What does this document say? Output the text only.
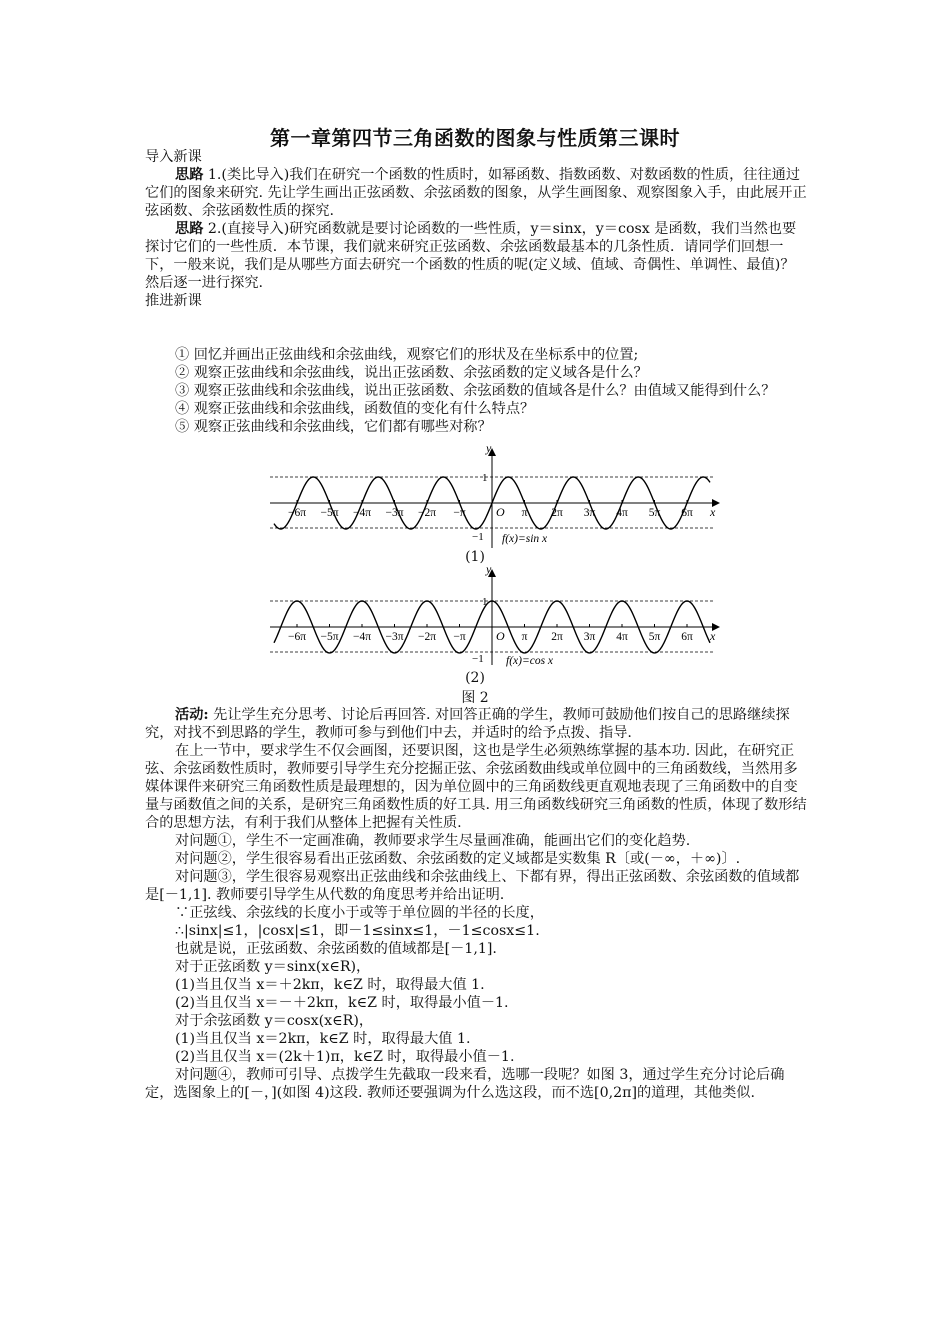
第一章第四节三角函数的图象与性质第三课时
导入新课
思路 1.(类比导入)我们在研究一个函数的性质时，如幂函数、指数函数、对数函数的性质，往往通过它们的图象来研究. 先让学生画出正弦函数、余弦函数的图象，从学生画图象、观察图象入手，由此展开正弦函数、余弦函数性质的探究.
思路 2.(直接导入)研究函数就是要讨论函数的一些性质，y＝sinx，y＝cosx 是函数，我们当然也要探讨它们的一些性质．本节课，我们就来研究正弦函数、余弦函数最基本的几条性质．请同学们回想一下，一般来说，我们是从哪些方面去研究一个函数的性质的呢(定义域、值域、奇偶性、单调性、最值)？然后逐一进行探究.
推进新课
① 回忆并画出正弦曲线和余弦曲线，观察它们的形状及在坐标系中的位置;
② 观察正弦曲线和余弦曲线，说出正弦函数、余弦函数的定义域各是什么？
③ 观察正弦曲线和余弦曲线，说出正弦函数、余弦函数的值域各是什么？由值域又能得到什么？
④ 观察正弦曲线和余弦曲线，函数值的变化有什么特点？
⑤ 观察正弦曲线和余弦曲线，它们都有哪些对称？
−6π −5π −4π −3π −2π −π	π 2π 3π 4π 5π 6π
y
x
O
1
−1 f(x)=sin x
(1)
−6π −5π −4π −3π −2π −π	π 2π 3π 4π 5π 6π
y
x
O
1
−1 f(x)=cos x
(2)
图 2
活动: 先让学生充分思考、讨论后再回答. 对回答正确的学生，教师可鼓励他们按自己的思路继续探究，对找不到思路的学生，教师可参与到他们中去，并适时的给予点拨、指导.
在上一节中，要求学生不仅会画图，还要识图，这也是学生必须熟练掌握的基本功. 因此，在研究正弦、余弦函数性质时，教师要引导学生充分挖掘正弦、余弦函数曲线或单位圆中的三角函数线，当然用多媒体课件来研究三角函数性质是最理想的，因为单位圆中的三角函数线更直观地表现了三角函数中的自变量与函数值之间的关系，是研究三角函数性质的好工具. 用三角函数线研究三角函数的性质，体现了数形结合的思想方法，有利于我们从整体上把握有关性质.
对问题①，学生不一定画准确，教师要求学生尽量画准确，能画出它们的变化趋势.
对问题②，学生很容易看出正弦函数、余弦函数的定义域都是实数集 R〔或(－∞，＋∞)〕.
对问题③，学生很容易观察出正弦曲线和余弦曲线上、下都有界，得出正弦函数、余弦函数的值域都是[－1,1]. 教师要引导学生从代数的角度思考并给出证明.
∵正弦线、余弦线的长度小于或等于单位圆的半径的长度，
∴|sinx|≤1，|cosx|≤1，即－1≤sinx≤1，－1≤cosx≤1.
也就是说，正弦函数、余弦函数的值域都是[－1,1].
对于正弦函数 y＝sinx(x∈R)，
(1)当且仅当 x＝＋2kπ，k∈Z 时，取得最大值 1.
(2)当且仅当 x＝－＋2kπ，k∈Z 时，取得最小值－1.
对于余弦函数 y＝cosx(x∈R)，
(1)当且仅当 x＝2kπ，k∈Z 时，取得最大值 1.
(2)当且仅当 x＝(2k＋1)π，k∈Z 时，取得最小值－1.
对问题④，教师可引导、点拨学生先截取一段来看，选哪一段呢？如图 3，通过学生充分讨论后确定，选图象上的[－，](如图 4)这段. 教师还要强调为什么选这段，而不选[0,2π]的道理，其他类似.
